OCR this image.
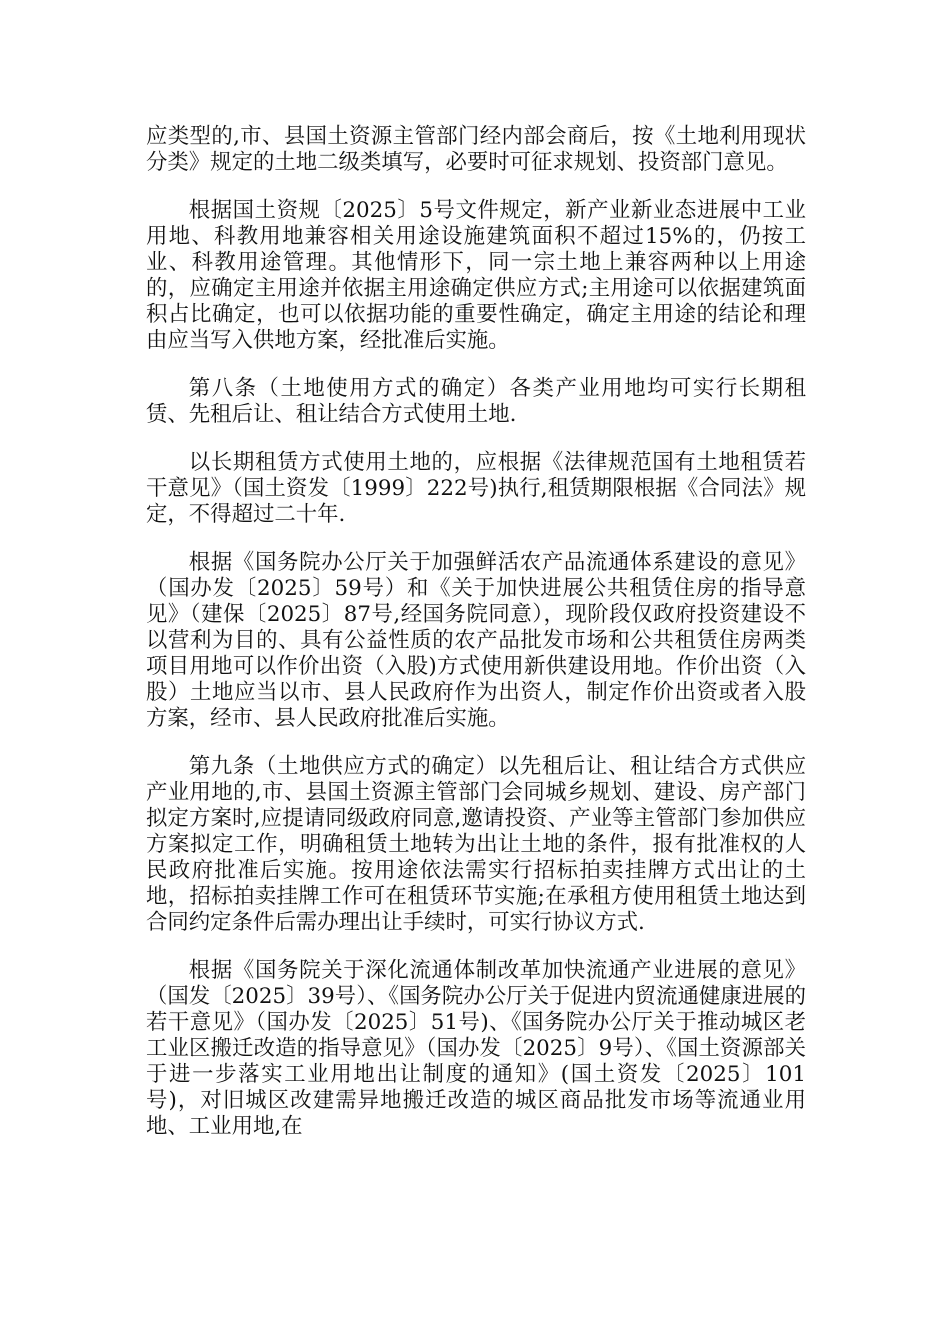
应类型的,市、县国土资源主管部门经内部会商后，按《土地利用现状分类》规定的土地二级类填写，必要时可征求规划、投资部门意见。

根据国土资规〔2025〕5号文件规定，新产业新业态进展中工业用地、科教用地兼容相关用途设施建筑面积不超过15%的，仍按工业、科教用途管理。其他情形下，同一宗土地上兼容两种以上用途的，应确定主用途并依据主用途确定供应方式;主用途可以依据建筑面积占比确定，也可以依据功能的重要性确定，确定主用途的结论和理由应当写入供地方案，经批准后实施。

第八条（土地使用方式的确定）各类产业用地均可实行长期租赁、先租后让、租让结合方式使用土地.

以长期租赁方式使用土地的，应根据《法律规范国有土地租赁若干意见》（国土资发〔1999〕222号)执行,租赁期限根据《合同法》规定，不得超过二十年.

根据《国务院办公厅关于加强鲜活农产品流通体系建设的意见》（国办发〔2025〕59号）和《关于加快进展公共租赁住房的指导意见》（建保〔2025〕87号,经国务院同意），现阶段仅政府投资建设不以营利为目的、具有公益性质的农产品批发市场和公共租赁住房两类项目用地可以作价出资（入股)方式使用新供建设用地。作价出资（入股）土地应当以市、县人民政府作为出资人，制定作价出资或者入股方案，经市、县人民政府批准后实施。

第九条（土地供应方式的确定）以先租后让、租让结合方式供应产业用地的,市、县国土资源主管部门会同城乡规划、建设、房产部门拟定方案时,应提请同级政府同意,邀请投资、产业等主管部门参加供应方案拟定工作，明确租赁土地转为出让土地的条件，报有批准权的人民政府批准后实施。按用途依法需实行招标拍卖挂牌方式出让的土地，招标拍卖挂牌工作可在租赁环节实施;在承租方使用租赁土地达到合同约定条件后需办理出让手续时，可实行协议方式.

根据《国务院关于深化流通体制改革加快流通产业进展的意见》（国发〔2025〕39号）、《国务院办公厅关于促进内贸流通健康进展的若干意见》（国办发〔2025〕51号)、《国务院办公厅关于推动城区老工业区搬迁改造的指导意见》（国办发〔2025〕9号）、《国土资源部关于进一步落实工业用地出让制度的通知》(国土资发〔2025〕101号)，对旧城区改建需异地搬迁改造的城区商品批发市场等流通业用地、工业用地,在
